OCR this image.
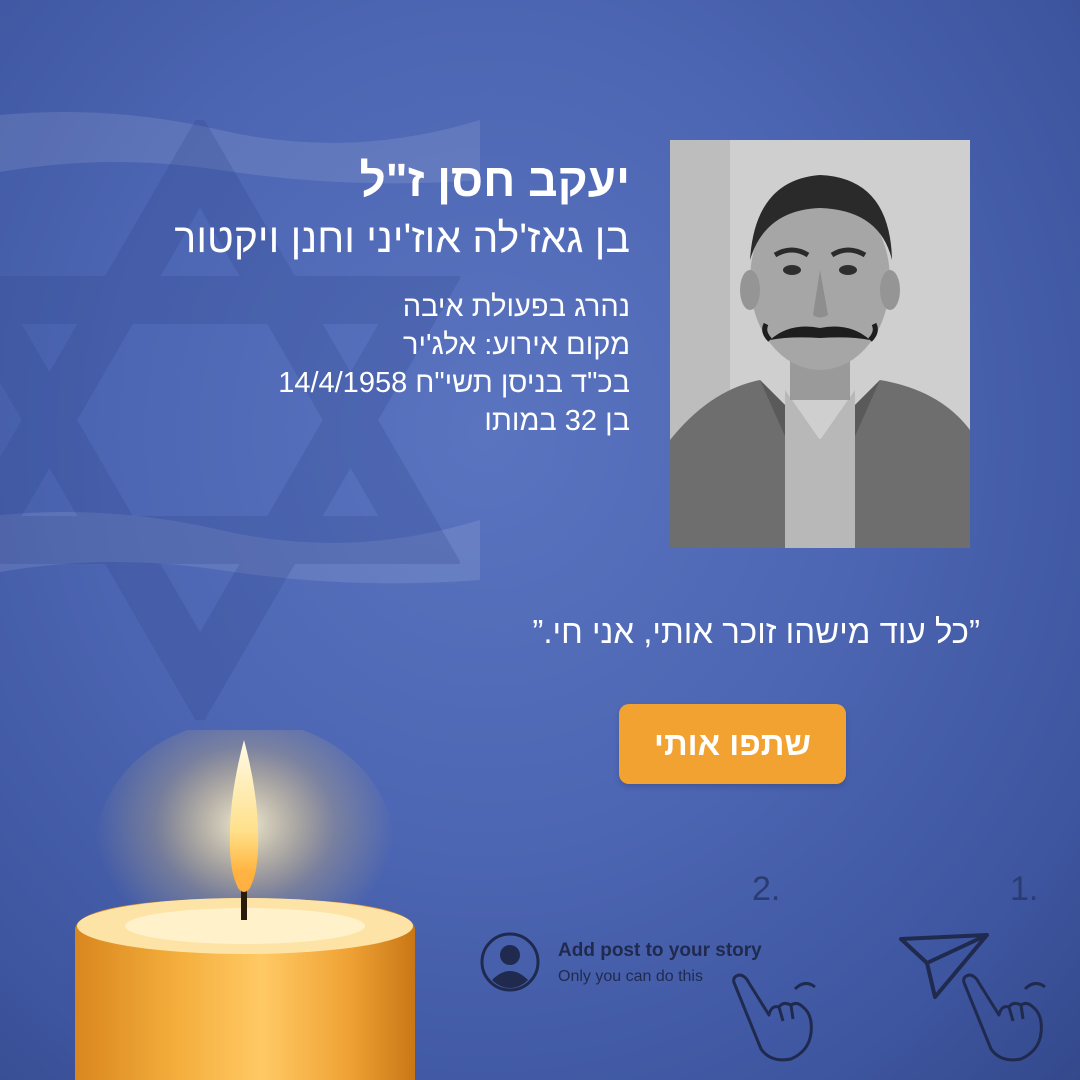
יעקב חסן ז"ל

בן גאז'לה אוז'יני וחנן ויקטור

נהרג בפעולת איבה

מקום אירוע: אלג'יר

בכ"ד בניסן תשי"ח 14/4/1958

בן 32 במותו

”כל עוד מישהו זוכר אותי, אני חי.”
שתפו אותי
1.
2.
Add post to your story
Only you can do this
